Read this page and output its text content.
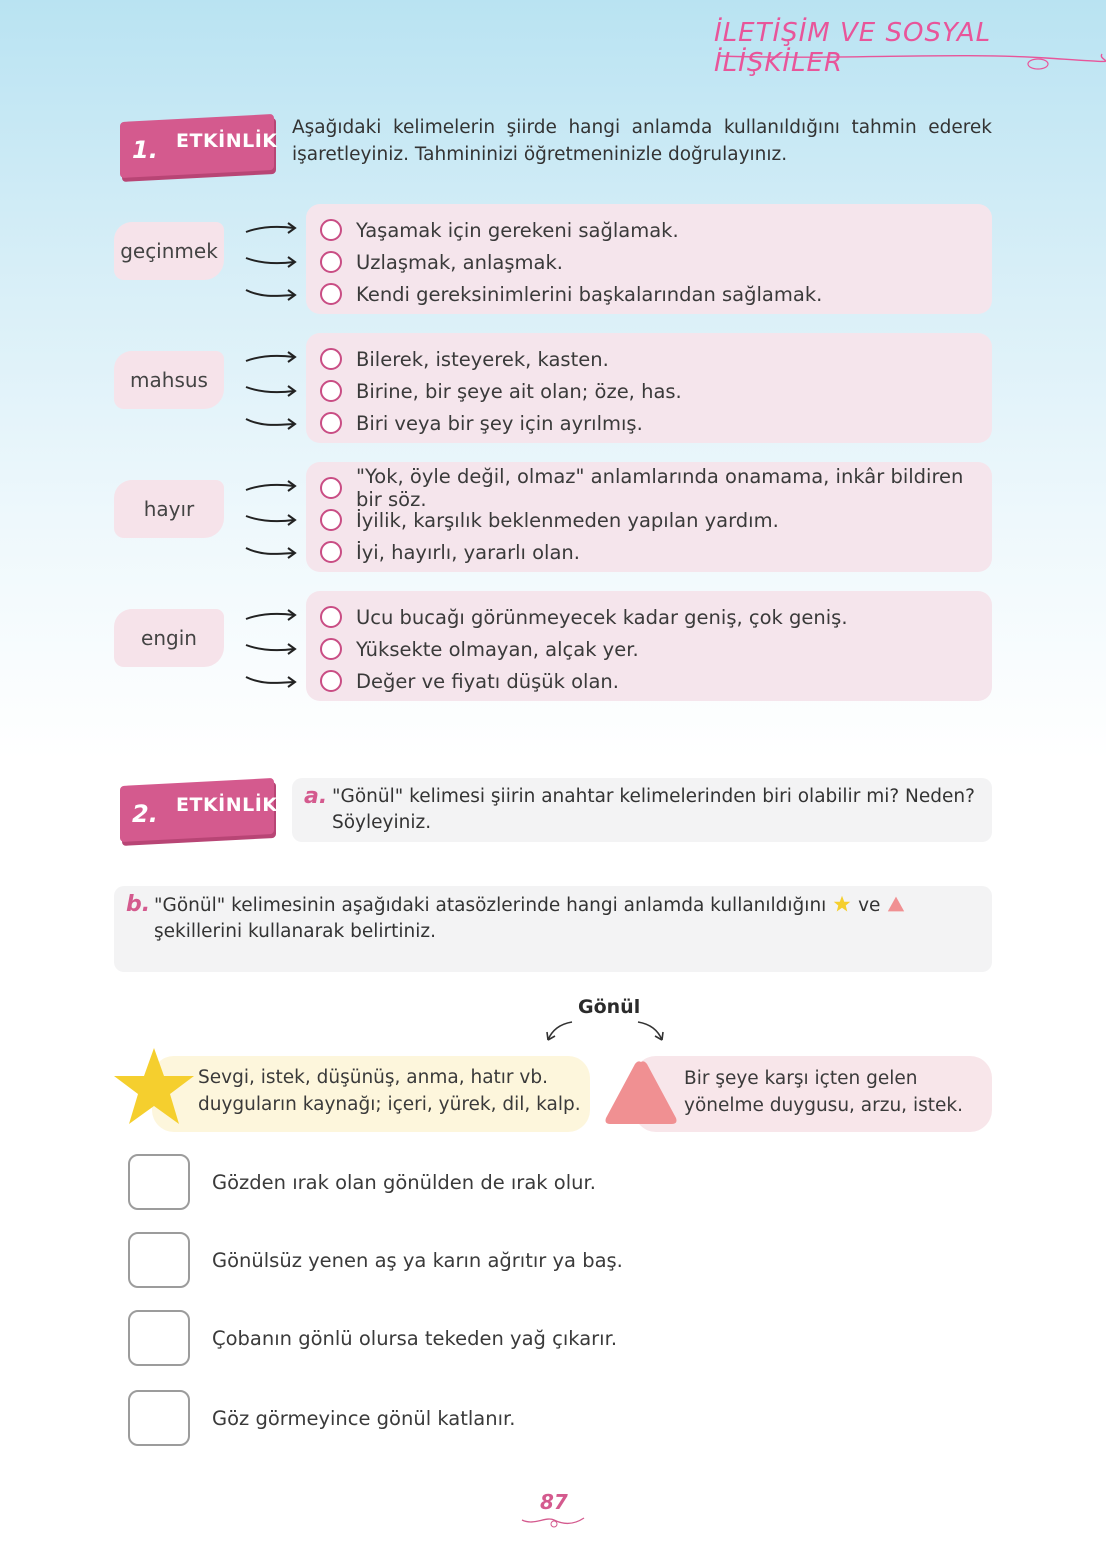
İLETİŞİM VE SOSYAL İLİŞKİLER
1. ETKİNLİK
Aşağıdaki kelimelerin şiirde hangi anlamda kullanıldığını tahmin ederek işaretleyiniz. Tahmininizi öğretmeninizle doğrulayınız.
geçinmek
Yaşamak için gerekeni sağlamak.
Uzlaşmak, anlaşmak.
Kendi gereksinimlerini başkalarından sağlamak.
mahsus
Bilerek, isteyerek, kasten.
Birine, bir şeye ait olan; öze, has.
Biri veya bir şey için ayrılmış.
hayır
"Yok, öyle değil, olmaz" anlamlarında onamama, inkâr bildiren bir söz.
İyilik, karşılık beklenmeden yapılan yardım.
İyi, hayırlı, yararlı olan.
engin
Ucu bucağı görünmeyecek kadar geniş, çok geniş.
Yüksekte olmayan, alçak yer.
Değer ve fiyatı düşük olan.
2. ETKİNLİK a. "Gönül" kelimesi şiirin anahtar kelimelerinden biri olabilir mi? Neden? Söyleyiniz.
b. "Gönül" kelimesinin aşağıdaki atasözlerinde hangi anlamda kullanıldığını ve
şekillerini kullanarak belirtiniz.
Gönül
Sevgi, istek, düşünüş, anma, hatır vb. duyguların kaynağı; içeri, yürek, dil, kalp.
Bir şeye karşı içten gelen yönelme duygusu, arzu, istek.
Gözden ırak olan gönülden de ırak olur.
Gönülsüz yenen aş ya karın ağrıtır ya baş.
Çobanın gönlü olursa tekeden yağ çıkarır.
Göz görmeyince gönül katlanır.
87
